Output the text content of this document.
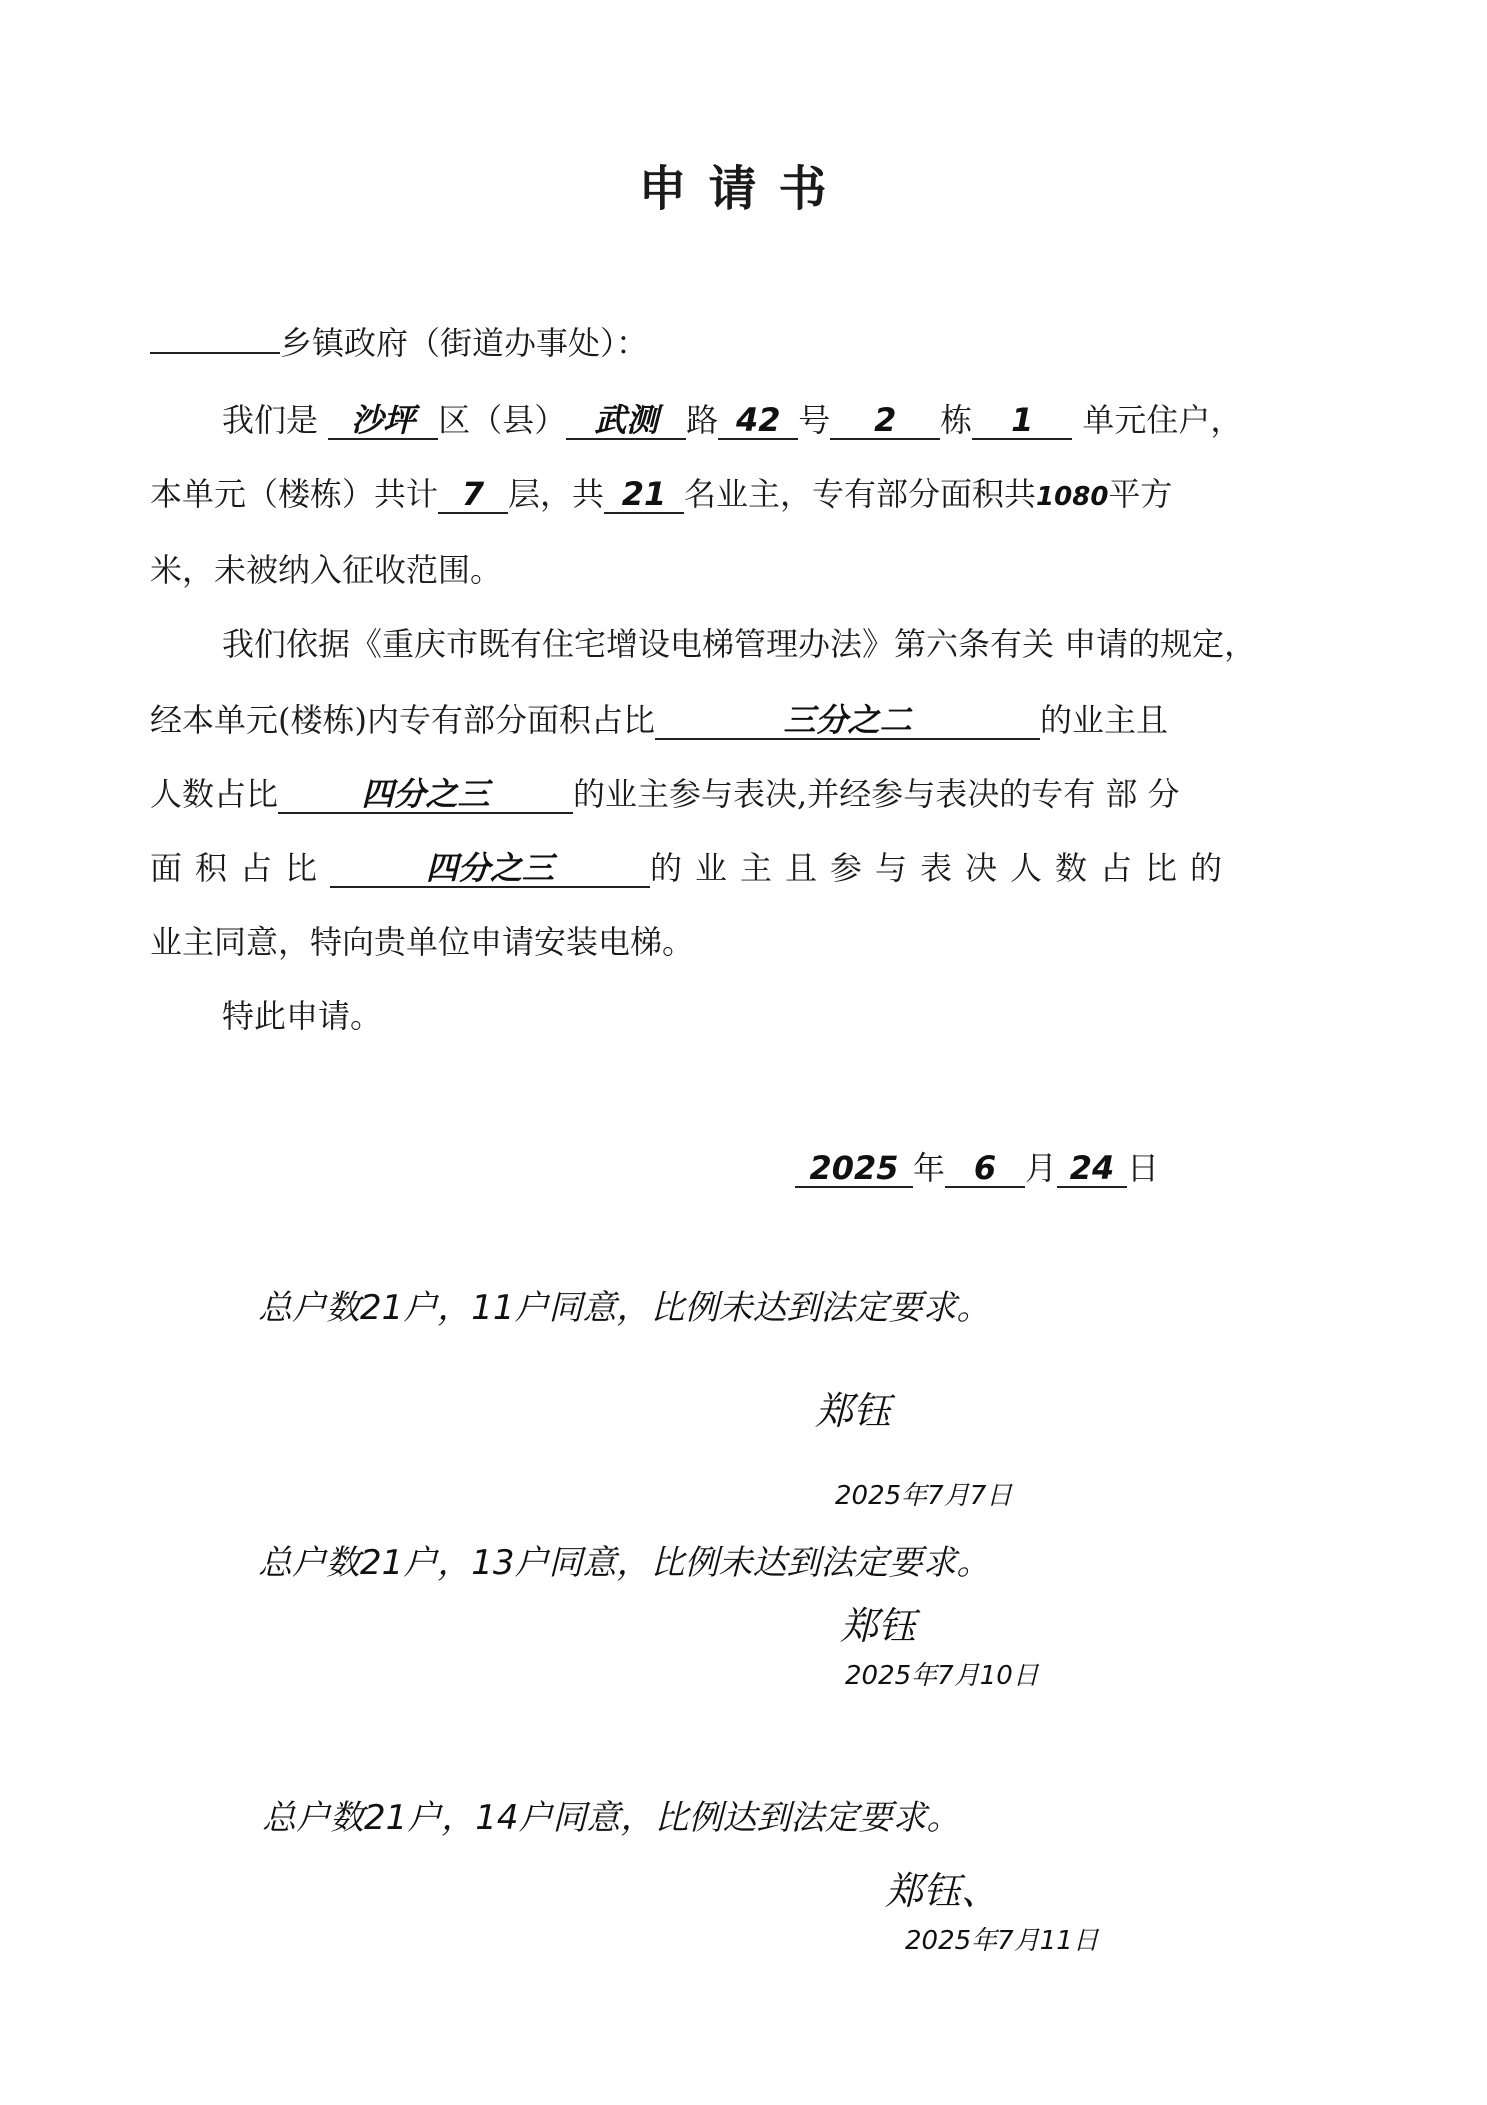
申请书
乡镇政府（街道办事处）：
我们是 沙坪 区（县） 武测 路 42 号 2 栋 1 单元住户，
本单元（楼栋）共计 7 层，共 21 名业主，专有部分面积共1080平方
米，未被纳入征收范围。
我们依据《重庆市既有住宅增设电梯管理办法》第六条有关 申请的规定，
经本单元(楼栋)内专有部分面积占比	三分之二	的业主且
人数占比	四分之三	的业主参与表决,并经参与表决的专有 部 分
面积占比	四分之三	的业主且参与表决人数占比的
业主同意，特向贵单位申请安装电梯。
特此申请。
2025 年 6 月 24 日
总户数21户，11户同意，比例未达到法定要求。
郑钰
2025年7月7日
总户数21户，13户同意，比例未达到法定要求。
郑钰
2025年7月10日
总户数21户，14户同意，比例达到法定要求。
郑钰、
2025年7月11日
